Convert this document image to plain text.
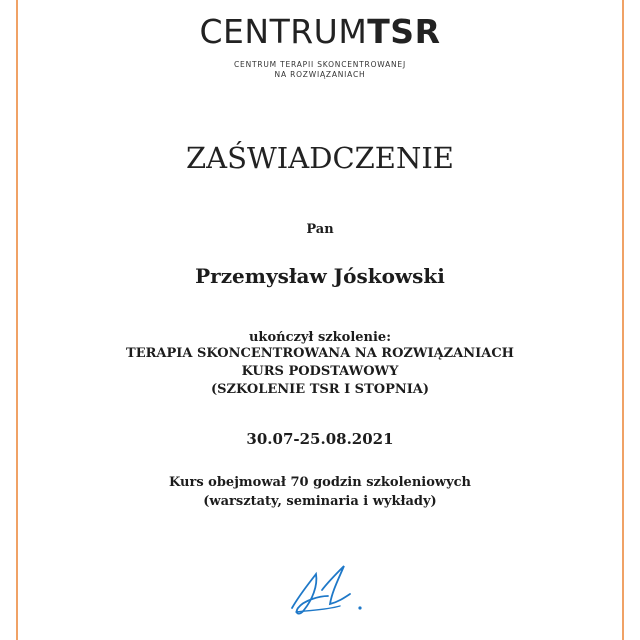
CENTRUMTSR
CENTRUM TERAPII SKONCENTROWANEJ
NA ROZWIĄZANIACH
ZAŚWIADCZENIE
Pan
Przemysław Jóskowski
ukończył szkolenie:
TERAPIA SKONCENTROWANA NA ROZWIĄZANIACH
KURS PODSTAWOWY
(SZKOLENIE TSR I STOPNIA)
30.07-25.08.2021
Kurs obejmował 70 godzin szkoleniowych
(warsztaty, seminaria i wykłady)
